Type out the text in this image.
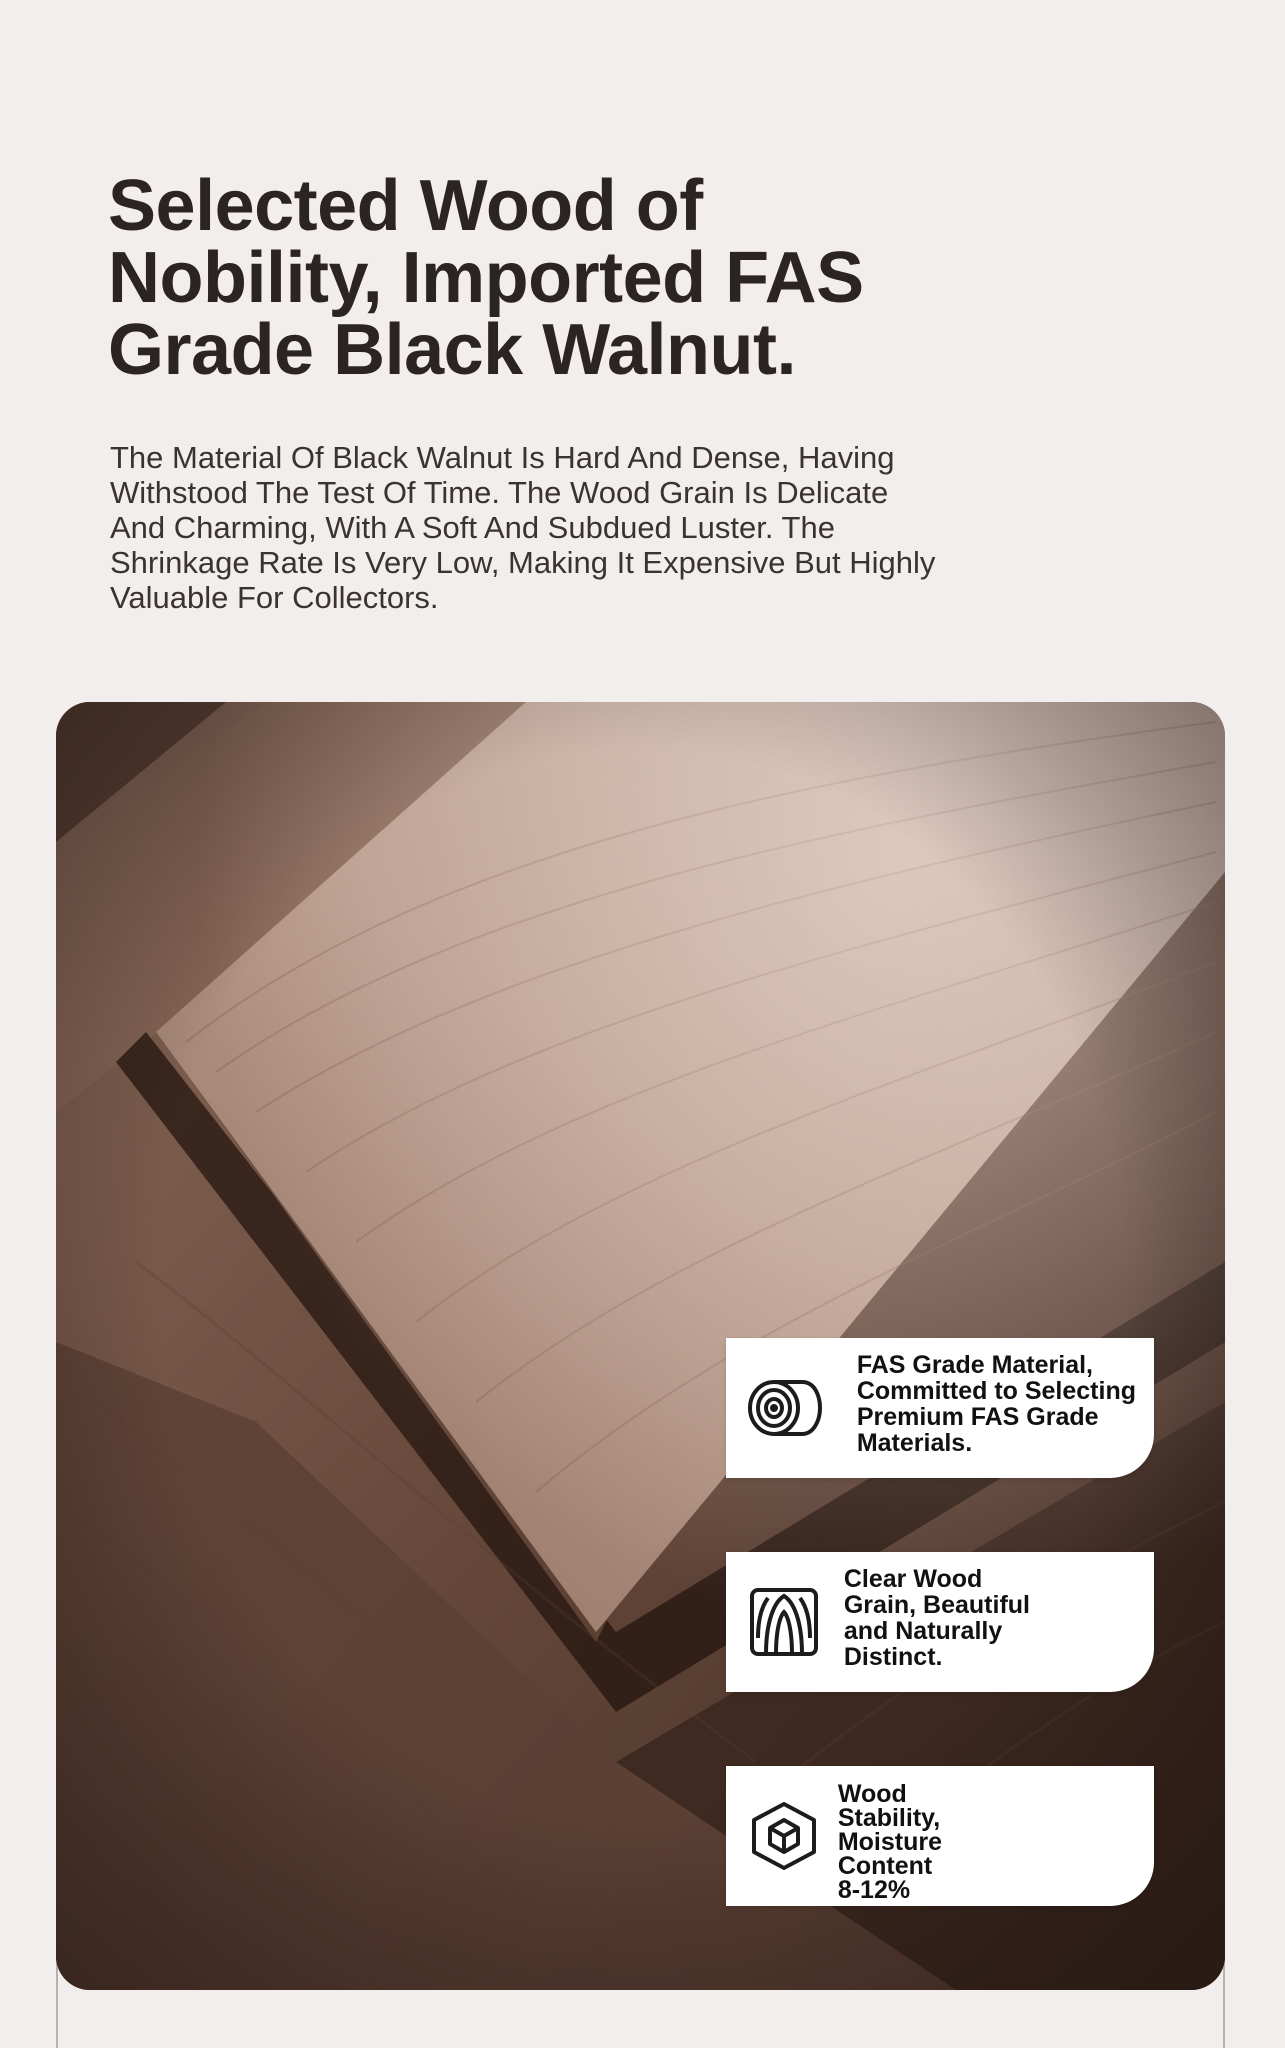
Selected Wood of
Nobility, Imported FAS
Grade Black Walnut.

The Material Of Black Walnut Is Hard And Dense, Having
Withstood The Test Of Time. The Wood Grain Is Delicate
And Charming, With A Soft And Subdued Luster. The
Shrinkage Rate Is Very Low, Making It Expensive But Highly
Valuable For Collectors.

FAS Grade Material,
Committed to Selecting
Premium FAS Grade
Materials.

Clear Wood
Grain, Beautiful
and Naturally
Distinct.

Wood
Stability,
Moisture
Content
8-12%
